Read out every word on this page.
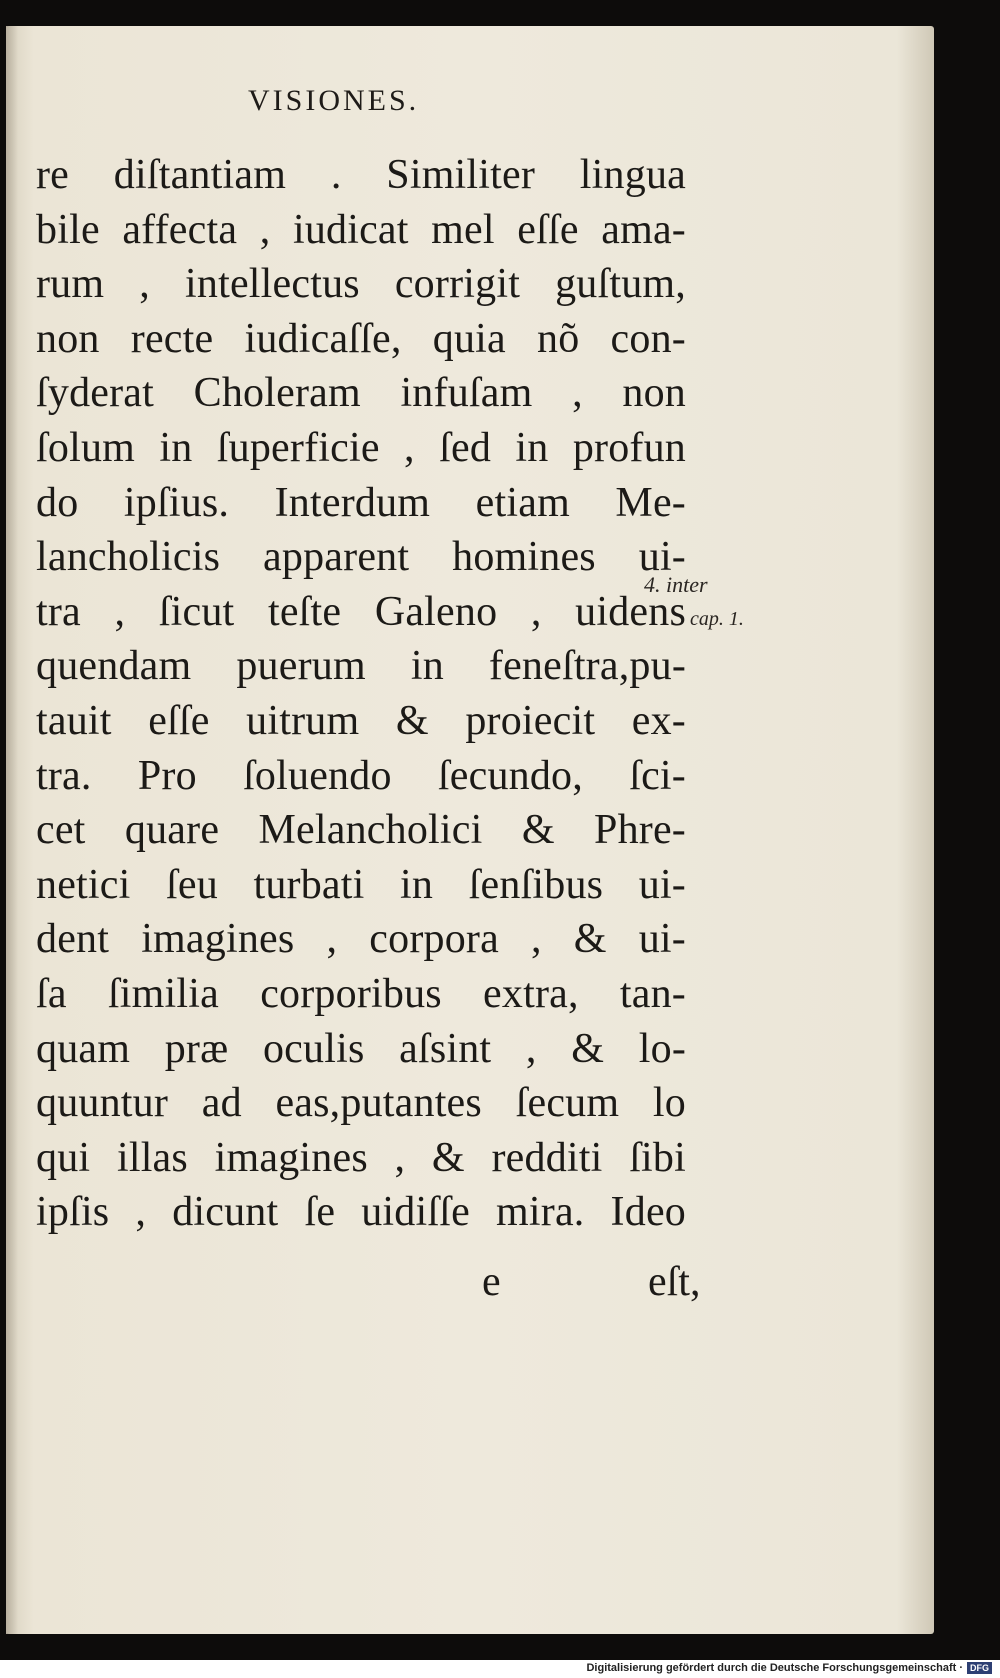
VISIONES.
re diſtantiam . Similiter lingua
bile affecta , iudicat mel eſſe ama-
rum , intellectus corrigit guſtum,
non recte iudicaſſe, quia nõ con-
ſyderat Choleram infuſam , non
ſolum in ſuperficie , ſed in profun
do ipſius. Interdum etiam Me-
lancholicis apparent homines ui-
tra , ſicut teſte Galeno , uidens
quendam puerum in feneſtra,pu-
tauit eſſe uitrum & proiecit ex-
tra. Pro ſoluendo ſecundo, ſci-
cet quare Melancholici & Phre-
netici ſeu turbati in ſenſibus ui-
dent imagines , corpora , & ui-
ſa ſimilia corporibus extra, tan-
quam præ oculis aſsint , & lo-
quuntur ad eas,putantes ſecum lo
qui illas imagines , & redditi ſibi
ipſis , dicunt ſe uidiſſe mira. Ideo
4. inter
cap. 1.
e	eſt,
Digitalisierung gefördert durch die Deutsche Forschungsgemeinschaft · DFG
